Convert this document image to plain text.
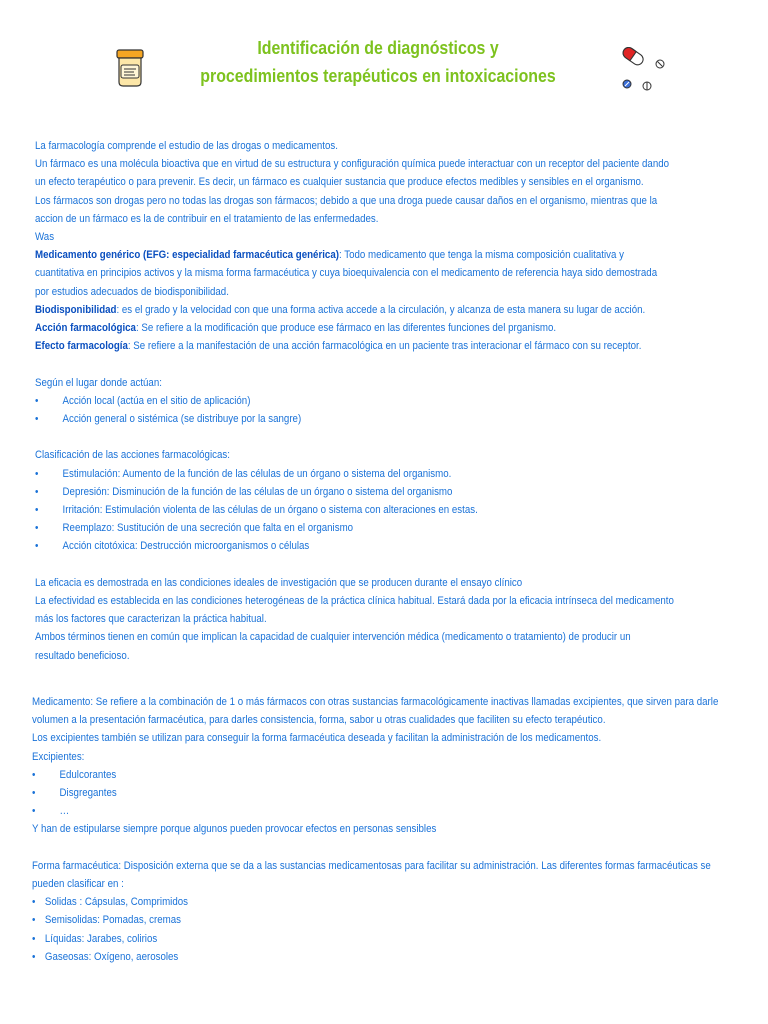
Identificación de diagnósticos y
procedimientos terapéuticos en intoxicaciones
La farmacología comprende el estudio de las drogas o medicamentos.
Un fármaco es una molécula bioactiva que en virtud de su estructura y configuración química puede interactuar con un receptor del paciente dando
un efecto terapéutico o para prevenir. Es decir, un fármaco es cualquier sustancia que produce efectos medibles y sensibles en el organismo.
Los fármacos son drogas pero no todas las drogas son fármacos; debido a que una droga puede causar daños en el organismo, mientras que la
accion de un fármaco es la de contribuir en el tratamiento de las enfermedades.
Was
Medicamento genérico (EFG: especialidad farmacéutica genérica): Todo medicamento que tenga la misma composición cualitativa y
cuantitativa en principios activos y la misma forma farmacéutica y cuya bioequivalencia con el medicamento de referencia haya sido demostrada
por estudios adecuados de biodisponibilidad.
Biodisponibilidad: es el grado y la velocidad con que una forma activa accede a la circulación, y alcanza de esta manera su lugar de acción.
Acción farmacológica: Se refiere a la modificación que produce ese fármaco en las diferentes funciones del prganismo.
Efecto farmacología: Se refiere a la manifestación de una acción farmacológica en un paciente tras interacionar el fármaco con su receptor.
Según el lugar donde actúan:
•	Acción local (actúa en el sitio de aplicación)
•	Acción general o sistémica (se distribuye por la sangre)
Clasificación de las acciones farmacológicas:
•	Estimulación: Aumento de la función de las células de un órgano o sistema del organismo.
•	Depresión: Disminución de la función de las células de un órgano o sistema del organismo
•	Irritación: Estimulación violenta de las células de un órgano o sistema con alteraciones en estas.
•	Reemplazo: Sustitución de una secreción que falta en el organismo
•	Acción citotóxica: Destrucción microorganismos o células
La eficacia es demostrada en las condiciones ideales de investigación que se producen durante el ensayo clínico
La efectividad es establecida en las condiciones heterogéneas de la práctica clínica habitual. Estará dada por la eficacia intrínseca del medicamento
más los factores que caracterizan la práctica habitual.
Ambos términos tienen en común que implican la capacidad de cualquier intervención médica (medicamento o tratamiento) de producir un
resultado beneficioso.
Medicamento: Se refiere a la combinación de 1 o más fármacos con otras sustancias farmacológicamente inactivas llamadas excipientes, que sirven para darle
volumen a la presentación farmacéutica, para darles consistencia, forma, sabor u otras cualidades que faciliten su efecto terapéutico.
Los excipientes también se utilizan para conseguir la forma farmacéutica deseada y facilitan la administración de los medicamentos.
Excipientes:
•	Edulcorantes
•	Disgregantes
•	…
Y han de estipularse siempre porque algunos pueden provocar efectos en personas sensibles
Forma farmacéutica: Disposición externa que se da a las sustancias medicamentosas para facilitar su administración. Las diferentes formas farmacéuticas se
pueden clasificar en :
• Solidas : Cápsulas, Comprimidos
• Semisolidas: Pomadas, cremas
• Líquidas: Jarabes, colirios
• Gaseosas: Oxígeno, aerosoles
